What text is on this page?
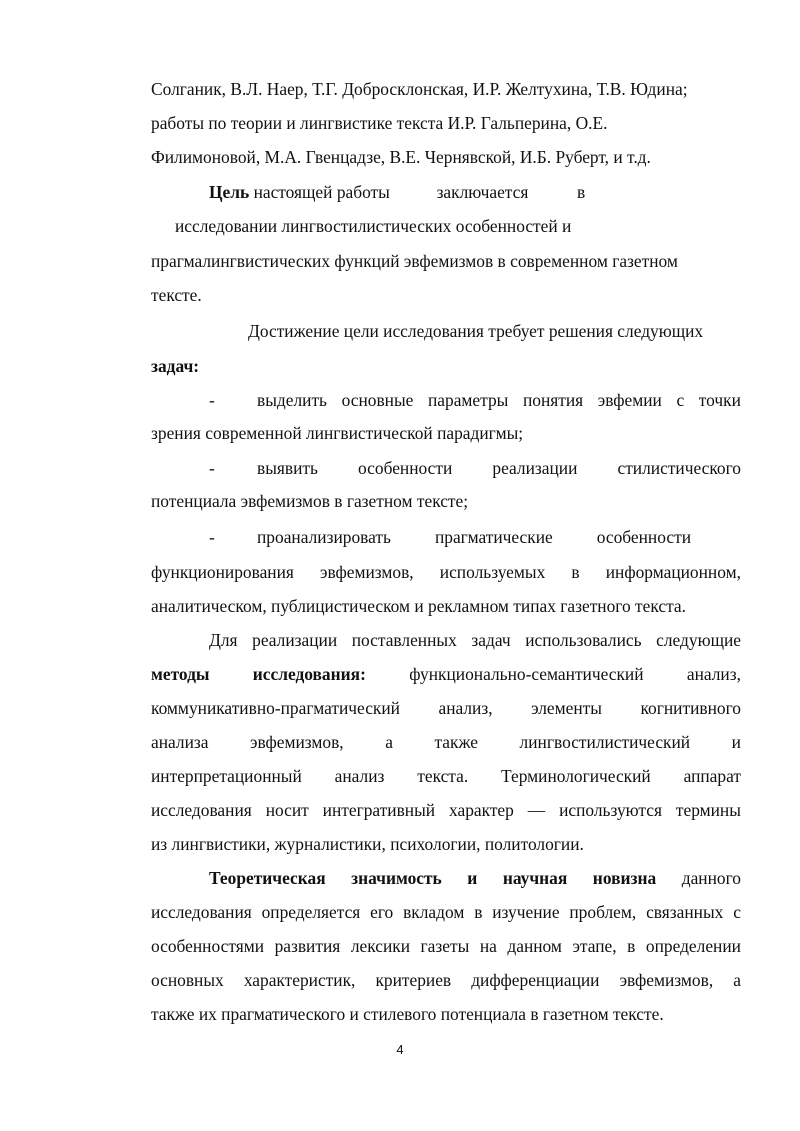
Солганик, В.Л. Наер, Т.Г. Добросклонская, И.Р. Желтухина, Т.В. Юдина;
работы по теории и лингвистике текста И.Р. Гальперина, О.Е.
Филимоновой, М.А. Гвенцадзе, В.Е. Чернявской, И.Б. Руберт, и т.д.
Цель настоящей работы	заключается	в
исследовании лингвостилистических особенностей и
прагмалингвистических функций эвфемизмов в современном газетном
тексте.
Достижение цели исследования требует решения следующих
задач:
-	выделить основные параметры понятия эвфемии с точки
зрения современной лингвистической парадигмы;
-	выявить особенности реализации стилистического
потенциала эвфемизмов в газетном тексте;
-	проанализировать	прагматические	особенности
функционирования эвфемизмов, используемых в информационном,
аналитическом, публицистическом и рекламном типах газетного текста.
Для реализации поставленных задач использовались следующие
методы исследования: функционально-семантический анализ,
коммуникативно-прагматический анализ, элементы когнитивного
анализа эвфемизмов, а также лингвостилистический и
интерпретационный анализ текста. Терминологический аппарат
исследования носит интегративный характер — используются термины
из лингвистики, журналистики, психологии, политологии.
Теоретическая значимость и научная новизна данного
исследования определяется его вкладом в изучение проблем, связанных с
особенностями развития лексики газеты на данном этапе, в определении
основных характеристик, критериев дифференциации эвфемизмов, а
также их прагматического и стилевого потенциала в газетном тексте.
4
